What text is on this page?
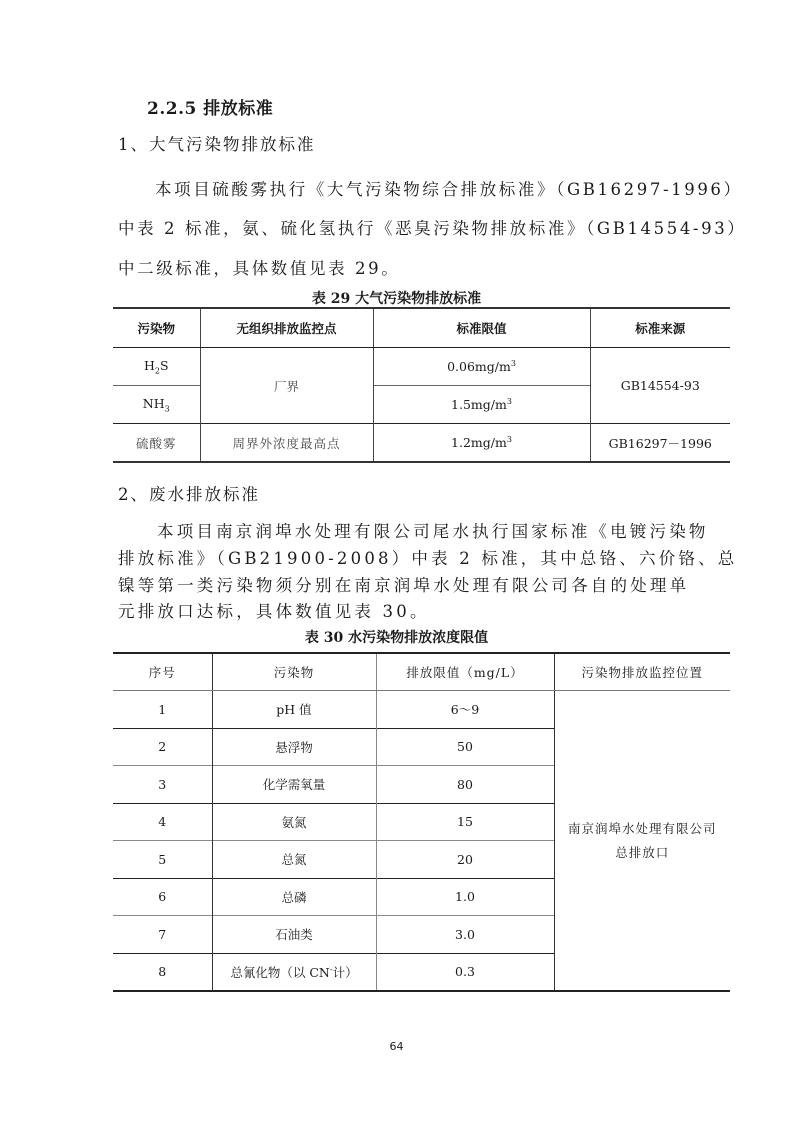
2.2.5 排放标准
1、大气污染物排放标准
本项目硫酸雾执行《大气污染物综合排放标准》（GB16297-1996）
中表 2 标准，氨、硫化氢执行《恶臭污染物排放标准》（GB14554-93）
中二级标准，具体数值见表 29。
表 29 大气污染物排放标准
污染物	无组织排放监控点	标准限值	标准来源
$H_2S$	厂界	$0.06mg/m^3$	GB14554-93
$NH_3$		$1.5mg/m^3$
硫酸雾	周界外浓度最高点	$1.2mg/m^3$	GB16297－1996
2、废水排放标准
本项目南京润埠水处理有限公司尾水执行国家标准《电镀污染物
排放标准》（GB21900-2008）中表 2 标准，其中总铬、六价铬、总
镍等第一类污染物须分别在南京润埠水处理有限公司各自的处理单
元排放口达标，具体数值见表 30。
表 30 水污染物排放浓度限值
序号	污染物	排放限值（mg/L）	污染物排放监控位置
1	pH 值	6～9	南京润埠水处理有限公司
总排放口

2	悬浮物	50	
3	化学需氧量	80	
4	氨氮	15	
5	总氮	20	
6	总磷	1.0	
7	石油类	3.0	
8	总氰化物（以 CN-计）	0.3	
64
